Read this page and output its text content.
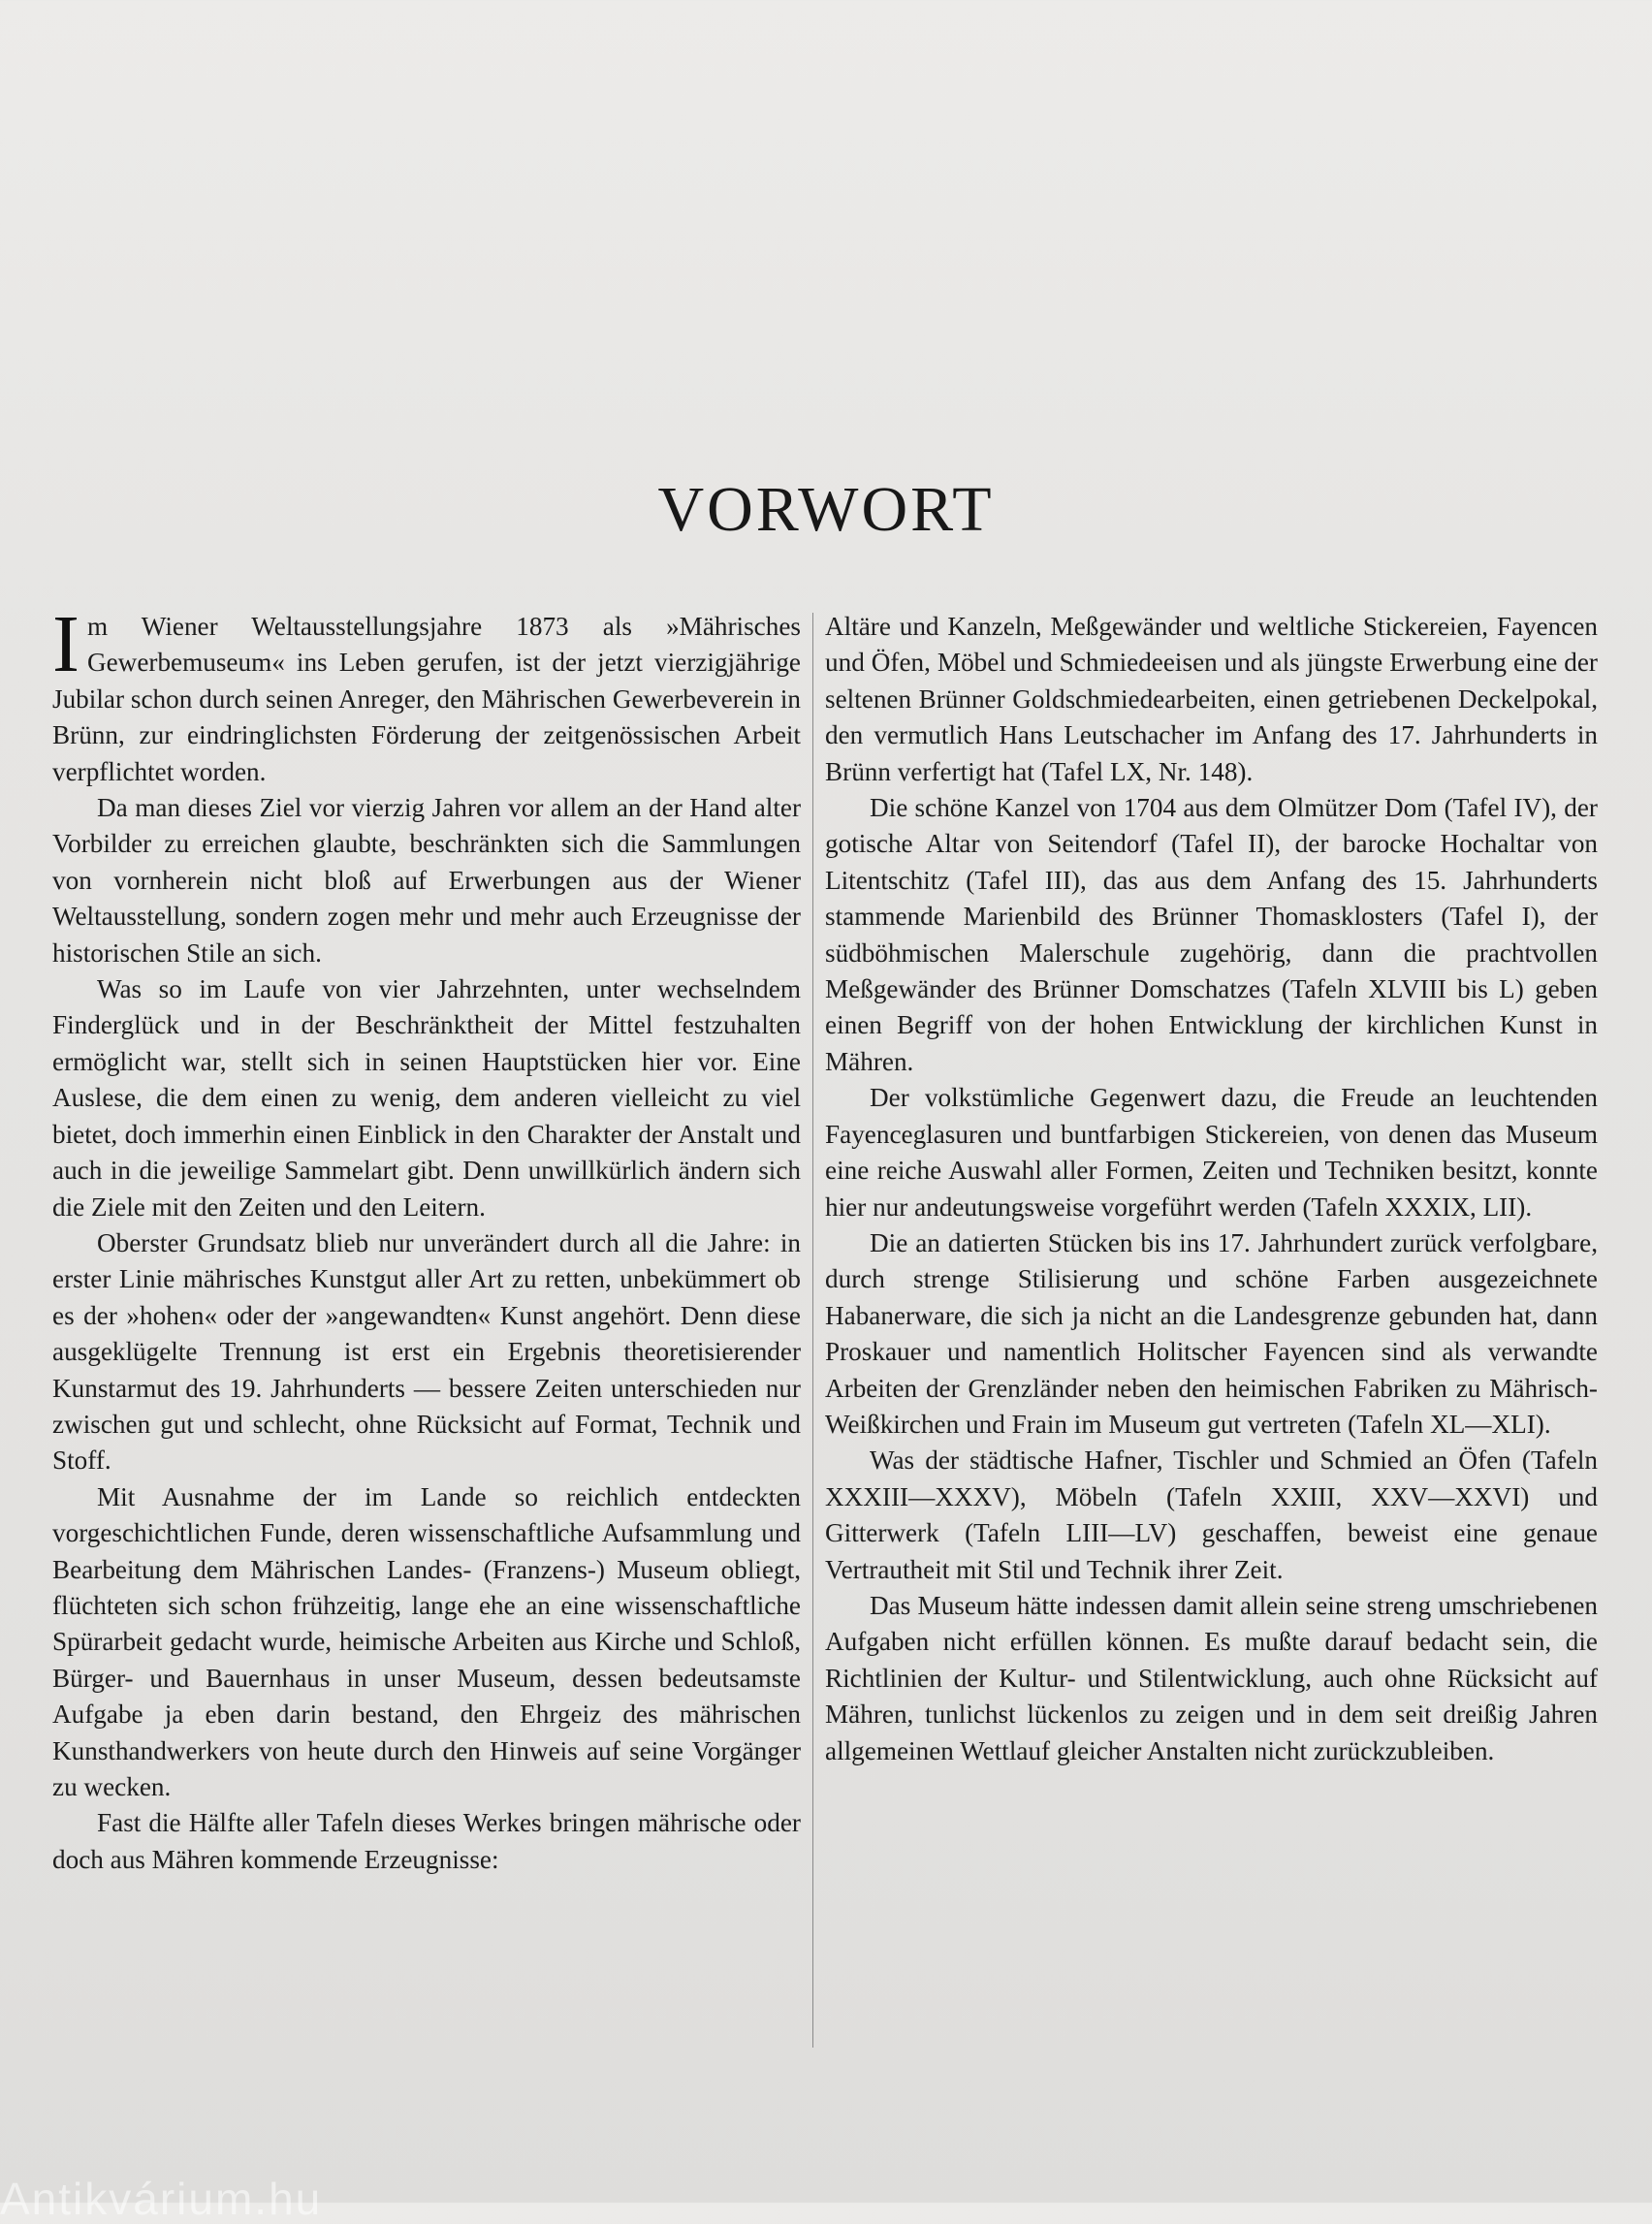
VORWORT

Im Wiener Weltausstellungsjahre 1873 als »Mährisches Gewerbemuseum« ins Leben gerufen, ist der jetzt vierzigjährige Jubilar schon durch seinen Anreger, den Mährischen Gewerbeverein in Brünn, zur eindringlichsten Förderung der zeitgenössischen Arbeit verpflichtet worden.

Da man dieses Ziel vor vierzig Jahren vor allem an der Hand alter Vorbilder zu erreichen glaubte, beschränkten sich die Sammlungen von vornherein nicht bloß auf Erwerbungen aus der Wiener Weltausstellung, sondern zogen mehr und mehr auch Erzeugnisse der historischen Stile an sich.

Was so im Laufe von vier Jahrzehnten, unter wechselndem Finderglück und in der Beschränktheit der Mittel festzuhalten ermöglicht war, stellt sich in seinen Hauptstücken hier vor. Eine Auslese, die dem einen zu wenig, dem anderen vielleicht zu viel bietet, doch immerhin einen Einblick in den Charakter der Anstalt und auch in die jeweilige Sammelart gibt. Denn unwillkürlich ändern sich die Ziele mit den Zeiten und den Leitern.

Oberster Grundsatz blieb nur unverändert durch all die Jahre: in erster Linie mährisches Kunstgut aller Art zu retten, unbekümmert ob es der »hohen« oder der »angewandten« Kunst angehört. Denn diese ausgeklügelte Trennung ist erst ein Ergebnis theoretisierender Kunstarmut des 19. Jahrhunderts — bessere Zeiten unterschieden nur zwischen gut und schlecht, ohne Rücksicht auf Format, Technik und Stoff.

Mit Ausnahme der im Lande so reichlich entdeckten vorgeschichtlichen Funde, deren wissenschaftliche Aufsammlung und Bearbeitung dem Mährischen Landes- (Franzens-) Museum obliegt, flüchteten sich schon frühzeitig, lange ehe an eine wissenschaftliche Spürarbeit gedacht wurde, heimische Arbeiten aus Kirche und Schloß, Bürger- und Bauernhaus in unser Museum, dessen bedeutsamste Aufgabe ja eben darin bestand, den Ehrgeiz des mährischen Kunsthandwerkers von heute durch den Hinweis auf seine Vorgänger zu wecken.

Fast die Hälfte aller Tafeln dieses Werkes bringen mährische oder doch aus Mähren kommende Erzeugnisse:

Altäre und Kanzeln, Meßgewänder und weltliche Stickereien, Fayencen und Öfen, Möbel und Schmiedeeisen und als jüngste Erwerbung eine der seltenen Brünner Goldschmiedearbeiten, einen getriebenen Deckelpokal, den vermutlich Hans Leutschacher im Anfang des 17. Jahrhunderts in Brünn verfertigt hat (Tafel LX, Nr. 148).

Die schöne Kanzel von 1704 aus dem Olmützer Dom (Tafel IV), der gotische Altar von Seitendorf (Tafel II), der barocke Hochaltar von Litentschitz (Tafel III), das aus dem Anfang des 15. Jahrhunderts stammende Marienbild des Brünner Thomasklosters (Tafel I), der südböhmischen Malerschule zugehörig, dann die prachtvollen Meßgewänder des Brünner Domschatzes (Tafeln XLVIII bis L) geben einen Begriff von der hohen Entwicklung der kirchlichen Kunst in Mähren.

Der volkstümliche Gegenwert dazu, die Freude an leuchtenden Fayenceglasuren und buntfarbigen Stickereien, von denen das Museum eine reiche Auswahl aller Formen, Zeiten und Techniken besitzt, konnte hier nur andeutungsweise vorgeführt werden (Tafeln XXXIX, LII).

Die an datierten Stücken bis ins 17. Jahrhundert zurück verfolgbare, durch strenge Stilisierung und schöne Farben ausgezeichnete Habanerware, die sich ja nicht an die Landesgrenze gebunden hat, dann Proskauer und namentlich Holitscher Fayencen sind als verwandte Arbeiten der Grenzländer neben den heimischen Fabriken zu Mährisch-Weißkirchen und Frain im Museum gut vertreten (Tafeln XL—XLI).

Was der städtische Hafner, Tischler und Schmied an Öfen (Tafeln XXXIII—XXXV), Möbeln (Tafeln XXIII, XXV—XXVI) und Gitterwerk (Tafeln LIII—LV) geschaffen, beweist eine genaue Vertrautheit mit Stil und Technik ihrer Zeit.

Das Museum hätte indessen damit allein seine streng umschriebenen Aufgaben nicht erfüllen können. Es mußte darauf bedacht sein, die Richtlinien der Kultur- und Stilentwicklung, auch ohne Rücksicht auf Mähren, tunlichst lückenlos zu zeigen und in dem seit dreißig Jahren allgemeinen Wettlauf gleicher Anstalten nicht zurückzubleiben.

Antikvárium.hu
